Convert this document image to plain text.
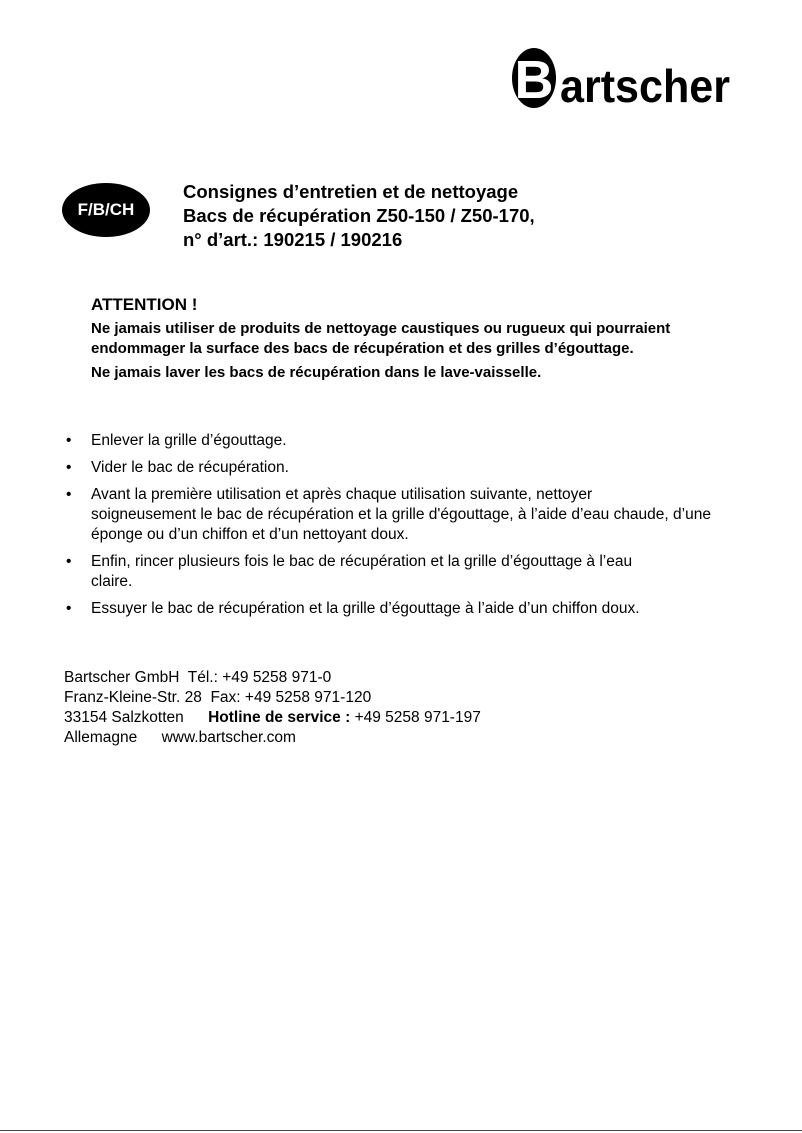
B artscher
F/B/CH
Consignes d’entretien et de nettoyage
Bacs de récupération Z50-150 / Z50-170,
n° d’art.: 190215 / 190216
ATTENTION !

Ne jamais utiliser de produits de nettoyage caustiques ou rugueux qui pourraient endommager la surface des bacs de récupération et des grilles d’égouttage.

Ne jamais laver les bacs de récupération dans le lave-vaisselle.

• Enlever la grille d’égouttage.
• Vider le bac de récupération.
• Avant la première utilisation et après chaque utilisation suivante, nettoyer
soigneusement le bac de récupération et la grille d'égouttage, à l’aide d’eau chaude, d’une éponge ou d’un chiffon et d’un nettoyant doux.
• Enfin, rincer plusieurs fois le bac de récupération et la grille d’égouttage à l’eau
claire.
• Essuyer le bac de récupération et la grille d’égouttage à l’aide d’un chiffon doux.
Bartscher GmbH Tél.: +49 5258 971-0
Franz-Kleine-Str. 28 Fax: +49 5258 971-120
33154 Salzkotten Hotline de service : +49 5258 971-197
Allemagne www.bartscher.com
